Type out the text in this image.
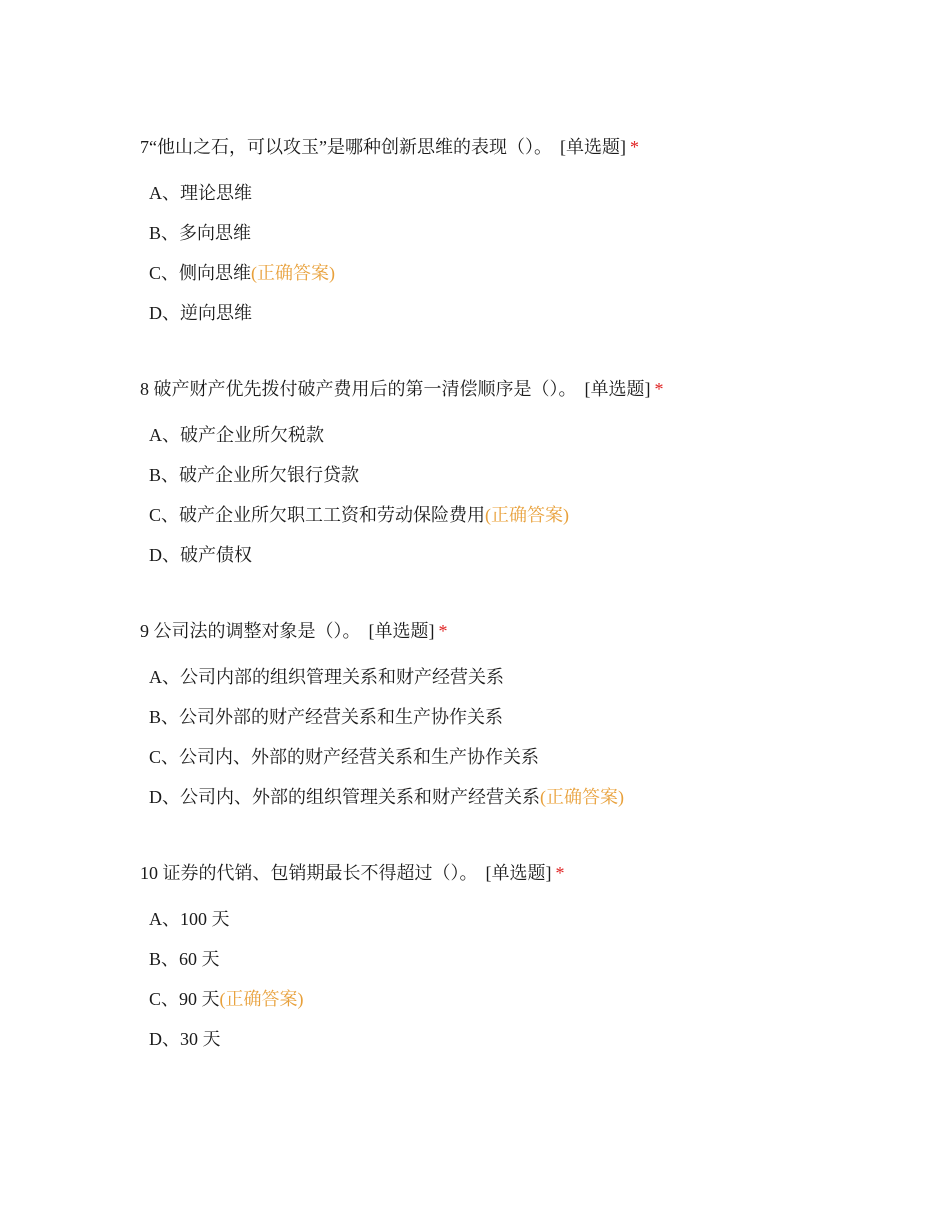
7“他山之石，可以攻玉”是哪种创新思维的表现（）。 [单选题] *
A、理论思维
B、多向思维
C、侧向思维(正确答案)
D、逆向思维
8 破产财产优先拨付破产费用后的第一清偿顺序是（）。 [单选题] *
A、破产企业所欠税款
B、破产企业所欠银行贷款
C、破产企业所欠职工工资和劳动保险费用(正确答案)
D、破产债权
9 公司法的调整对象是（）。 [单选题] *
A、公司内部的组织管理关系和财产经营关系
B、公司外部的财产经营关系和生产协作关系
C、公司内、外部的财产经营关系和生产协作关系
D、公司内、外部的组织管理关系和财产经营关系(正确答案)
10 证券的代销、包销期最长不得超过（）。 [单选题] *
A、100 天
B、60 天
C、90 天(正确答案)
D、30 天
